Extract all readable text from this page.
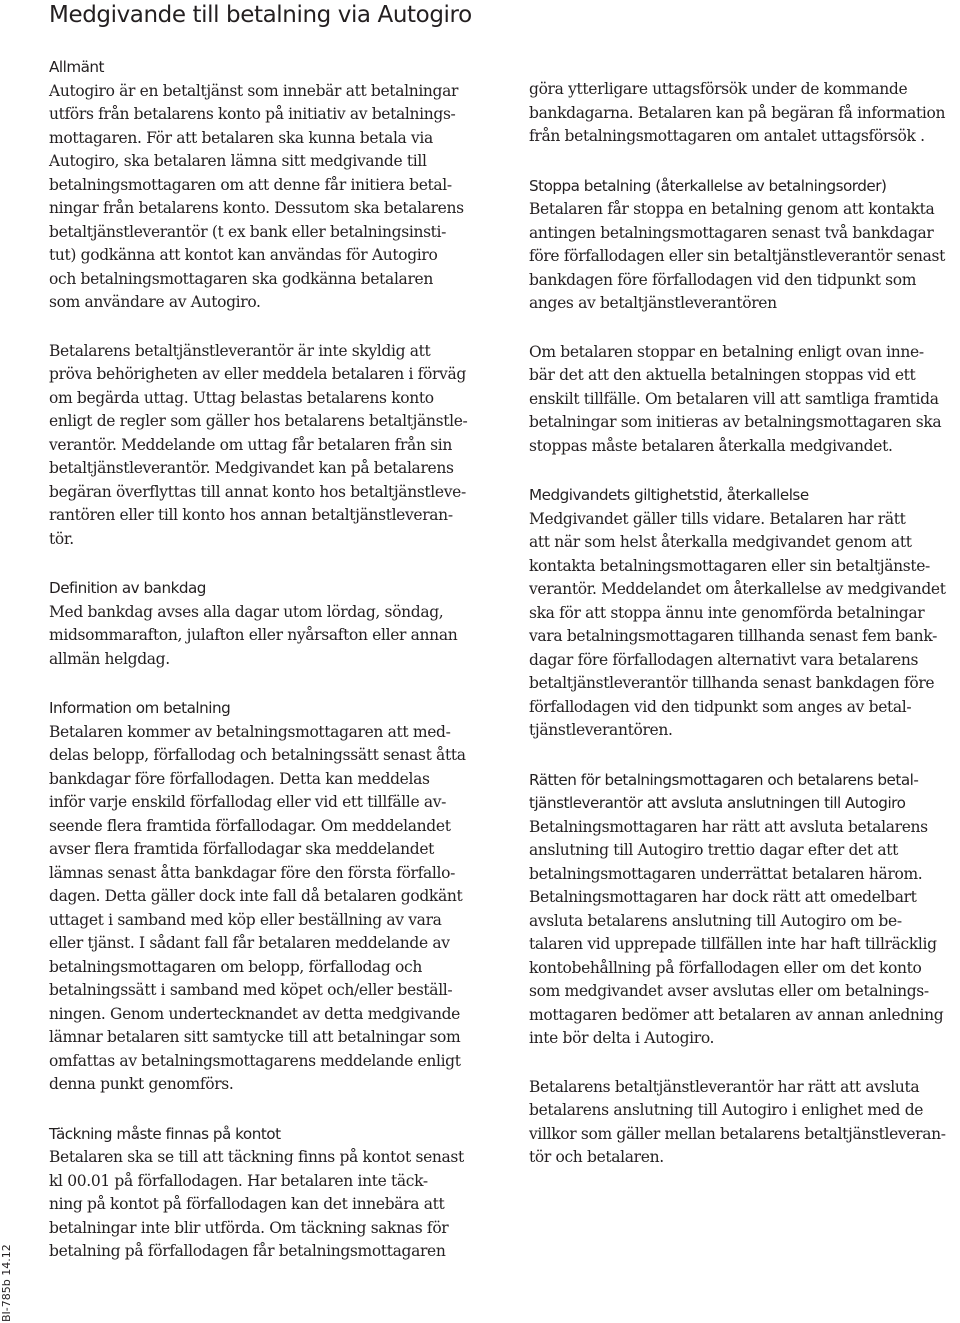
Medgivande till betalning via Autogiro
BI-785b 14.12
Allmänt

Autogiro är en betaltjänst som innebär att betalningar
utförs från betalarens konto på initiativ av betalnings-
mottagaren. För att betalaren ska kunna betala via
Autogiro, ska betalaren lämna sitt medgivande till
betalningsmottagaren om att denne får initiera betal-
ningar från betalarens konto. Dessutom ska betalarens
betaltjänstleverantör (t ex bank eller betalningsinsti-
tut) godkänna att kontot kan användas för Autogiro
och betalningsmottagaren ska godkänna betalaren
som användare av Autogiro.

Betalarens betaltjänstleverantör är inte skyldig att
pröva behörigheten av eller meddela betalaren i förväg
om begärda uttag. Uttag belastas betalarens konto
enligt de regler som gäller hos betalarens betaltjänstle-
verantör. Meddelande om uttag får betalaren från sin
betaltjänstleverantör. Medgivandet kan på betalarens
begäran överflyttas till annat konto hos betaltjänstleve-
rantören eller till konto hos annan betaltjänstleveran-
tör.

Definition av bankdag

Med bankdag avses alla dagar utom lördag, söndag,
midsommarafton, julafton eller nyårsafton eller annan
allmän helgdag.

Information om betalning

Betalaren kommer av betalningsmottagaren att med-
delas belopp, förfallodag och betalningssätt senast åtta
bankdagar före förfallodagen. Detta kan meddelas
inför varje enskild förfallodag eller vid ett tillfälle av-
seende flera framtida förfallodagar. Om meddelandet
avser flera framtida förfallodagar ska meddelandet
lämnas senast åtta bankdagar före den första förfallo-
dagen. Detta gäller dock inte fall då betalaren godkänt
uttaget i samband med köp eller beställning av vara
eller tjänst. I sådant fall får betalaren meddelande av
betalningsmottagaren om belopp, förfallodag och
betalningssätt i samband med köpet och/eller beställ-
ningen. Genom undertecknandet av detta medgivande
lämnar betalaren sitt samtycke till att betalningar som
omfattas av betalningsmottagarens meddelande enligt
denna punkt genomförs.

Täckning måste finnas på kontot

Betalaren ska se till att täckning finns på kontot senast
kl 00.01 på förfallodagen. Har betalaren inte täck-
ning på kontot på förfallodagen kan det innebära att
betalningar inte blir utförda. Om täckning saknas för
betalning på förfallodagen får betalningsmottagaren

göra ytterligare uttagsförsök under de kommande
bankdagarna. Betalaren kan på begäran få information
från betalningsmottagaren om antalet uttagsförsök .

Stoppa betalning (återkallelse av betalningsorder)

Betalaren får stoppa en betalning genom att kontakta
antingen betalningsmottagaren senast två bankdagar
före förfallodagen eller sin betaltjänstleverantör senast
bankdagen före förfallodagen vid den tidpunkt som
anges av betaltjänstleverantören

Om betalaren stoppar en betalning enligt ovan inne-
bär det att den aktuella betalningen stoppas vid ett
enskilt tillfälle. Om betalaren vill att samtliga framtida
betalningar som initieras av betalningsmottagaren ska
stoppas måste betalaren återkalla medgivandet.

Medgivandets giltighetstid, återkallelse

Medgivandet gäller tills vidare. Betalaren har rätt
att när som helst återkalla medgivandet genom att
kontakta betalningsmottagaren eller sin betaltjänste-
verantör. Meddelandet om återkallelse av medgivandet
ska för att stoppa ännu inte genomförda betalningar
vara betalningsmottagaren tillhanda senast fem bank-
dagar före förfallodagen alternativt vara betalarens
betaltjänstleverantör tillhanda senast bankdagen före
förfallodagen vid den tidpunkt som anges av betal-
tjänstleverantören.

Rätten för betalningsmottagaren och betalarens betal-
tjänstleverantör att avsluta anslutningen till Autogiro

Betalningsmottagaren har rätt att avsluta betalarens
anslutning till Autogiro trettio dagar efter det att
betalningsmottagaren underrättat betalaren härom.
Betalningsmottagaren har dock rätt att omedelbart
avsluta betalarens anslutning till Autogiro om be-
talaren vid upprepade tillfällen inte har haft tillräcklig
kontobehållning på förfallodagen eller om det konto
som medgivandet avser avslutas eller om betalnings-
mottagaren bedömer att betalaren av annan anledning
inte bör delta i Autogiro.

Betalarens betaltjänstleverantör har rätt att avsluta
betalarens anslutning till Autogiro i enlighet med de
villkor som gäller mellan betalarens betaltjänstleveran-
tör och betalaren.
